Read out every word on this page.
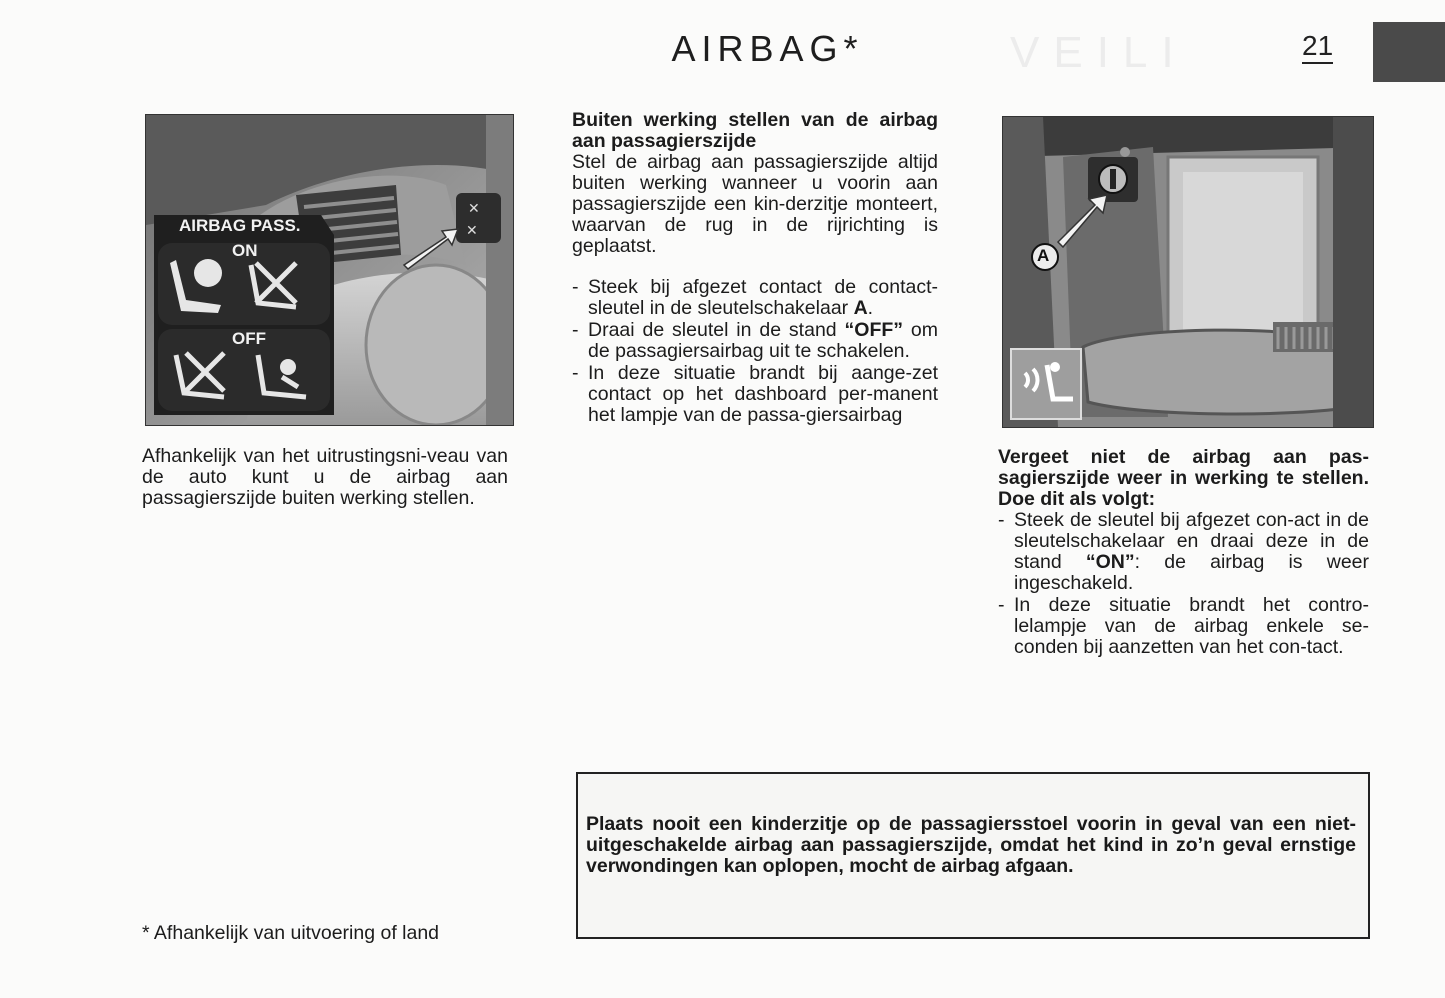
VEILI
AIRBAG*	21
✕
✕
AIRBAG PASS.
ON
OFF

Afhankelijk van het uitrustingsni-veau van de auto kunt u de airbag aan passagierszijde buiten werking stellen.

Buiten werking stellen van de airbag aan passagierszijde

Stel de airbag aan passagierszijde altijd buiten werking wanneer u voorin aan passagierszijde een kin-derzitje monteert, waarvan de rug in de rijrichting is geplaatst.

- Steek bij afgezet contact de contact-sleutel in de sleutelschakelaar A.
- Draai de sleutel in de stand “OFF” om de passagiersairbag uit te schakelen.
- In deze situatie brandt bij aange-zet contact op het dashboard per-manent het lampje van de passa-giersairbag
A
Vergeet niet de airbag aan pas-sagierszijde weer in werking te stellen. Doe dit als volgt:
- Steek de sleutel bij afgezet con-act in de sleutelschakelaar en draai deze in de stand “ON”: de airbag is weer ingeschakeld.
- In deze situatie brandt het contro-lelampje van de airbag enkele se-conden bij aanzetten van het con-tact.
Plaats nooit een kinderzitje op de passagiersstoel voorin in geval van een niet-uitgeschakelde airbag aan passagierszijde, omdat het kind in zo’n geval ernstige verwondingen kan oplopen, mocht de airbag afgaan.
* Afhankelijk van uitvoering of land
